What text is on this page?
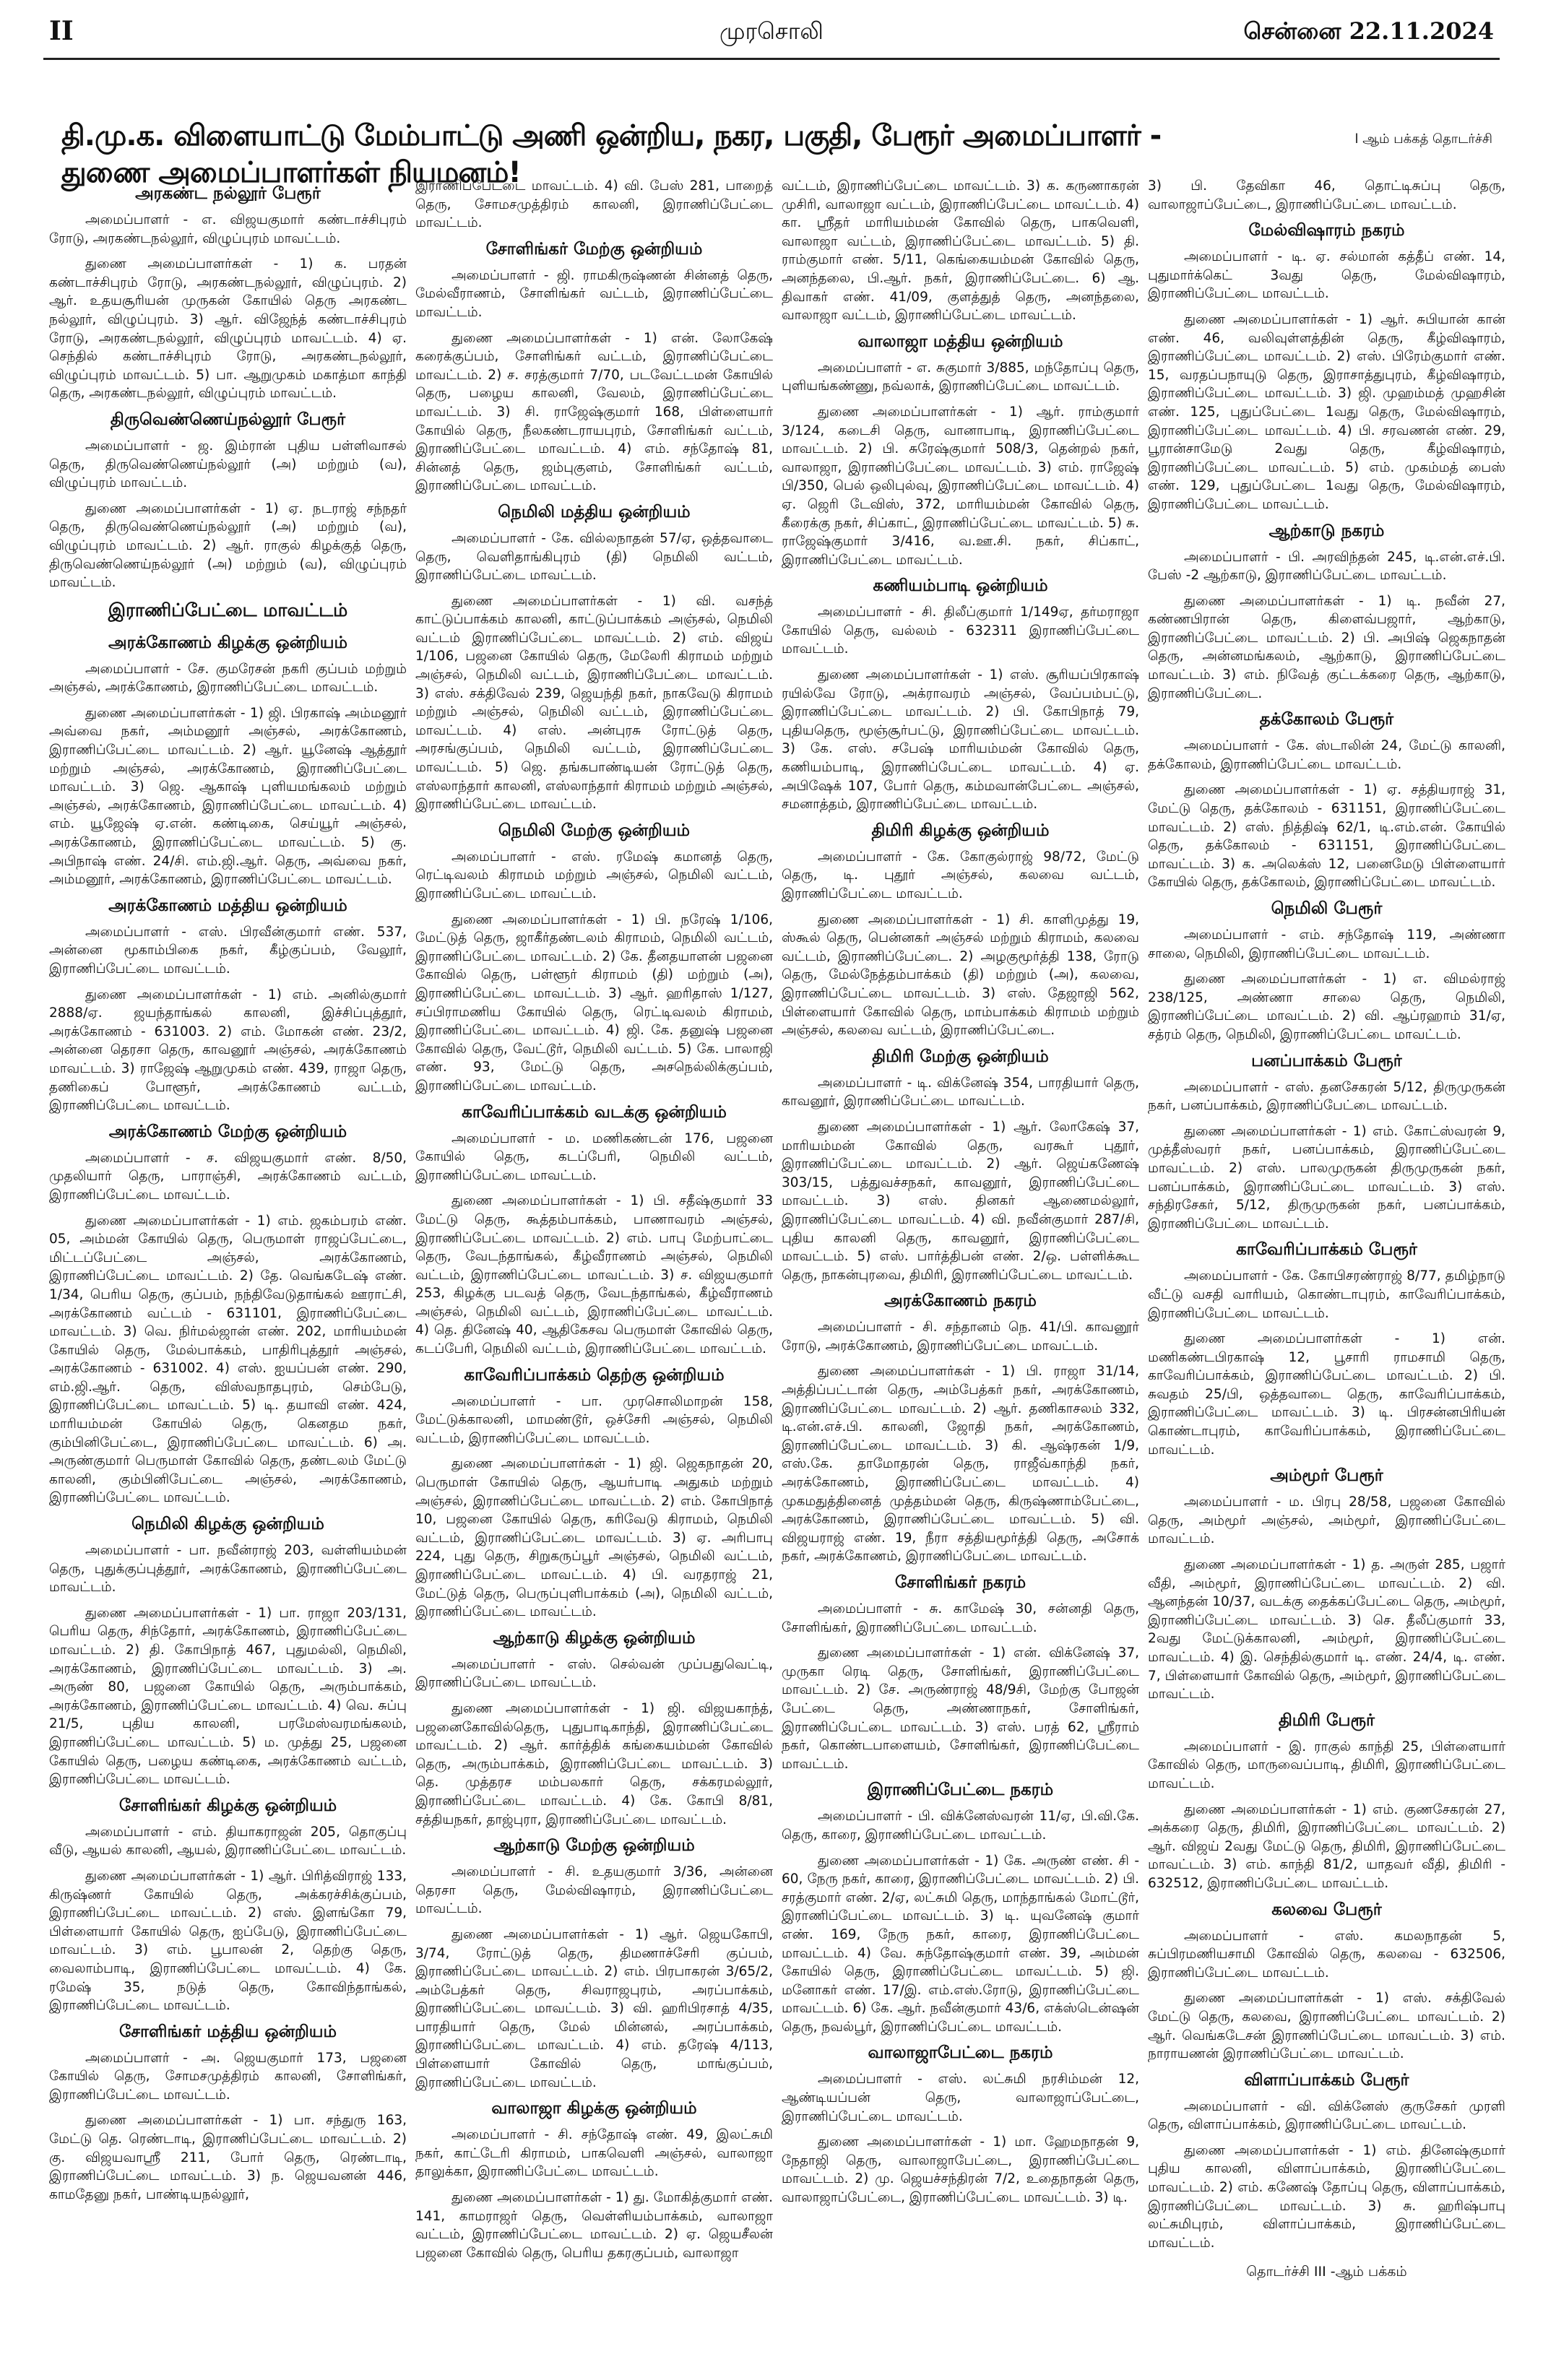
II	முரசொலி	சென்னை 22.11.2024
தி.மு.க. விளையாட்டு மேம்பாட்டு அணி ஒன்றிய, நகர, பகுதி, பேரூர் அமைப்பாளர் - துணை அமைப்பாளர்கள் நியமனம்!
l ஆம் பக்கத் தொடர்ச்சி
அரகண்ட நல்லூர் பேரூர்
அமைப்பாளர் - எ. விஜயகுமார் கண்டாச்சிபுரம் ரோடு, அரகண்டநல்லூர், விழுப்புரம் மாவட்டம்.
துணை அமைப்பாளர்கள் - 1) க. பரதன் கண்டாச்சிபுரம் ரோடு, அரகண்டநல்லூர், விழுப்புரம். 2) ஆர். உதயசூரியன் முருகன் கோயில் தெரு அரகண்ட நல்லூர், விழுப்புரம். 3) ஆர். விஜேந்த் கண்டாச்சிபுரம் ரோடு, அரகண்டநல்லூர், விழுப்புரம் மாவட்டம். 4) ஏ. செந்தில் கண்டாச்சிபுரம் ரோடு, அரகண்டநல்லூர், விழுப்புரம் மாவட்டம். 5) பா. ஆறுமுகம் மகாத்மா காந்தி தெரு, அரகண்டநல்லூர், விழுப்புரம் மாவட்டம்.
திருவெண்ணெய்நல்லூர் பேரூர்
அமைப்பாளர் - ஜ. இம்ரான் புதிய பள்ளிவாசல் தெரு, திருவெண்ணெய்நல்லூர் (அ) மற்றும் (வ), விழுப்புரம் மாவட்டம்.
துணை அமைப்பாளர்கள் - 1) ஏ. நடராஜ் சந்நதர் தெரு, திருவெண்ணெய்நல்லூர் (அ) மற்றும் (வ), விழுப்புரம் மாவட்டம். 2) ஆர். ராகுல் கிழக்குத் தெரு, திருவெண்ணெய்நல்லூர் (அ) மற்றும் (வ), விழுப்புரம் மாவட்டம்.
இராணிப்பேட்டை மாவட்டம்
அரக்கோணம் கிழக்கு ஒன்றியம்
அமைப்பாளர் - சே. குமரேசன் நகரி குப்பம் மற்றும் அஞ்சல், அரக்கோணம், இராணிப்பேட்டை மாவட்டம்.
துணை அமைப்பாளர்கள் - 1) ஜி. பிரகாஷ் அம்மனூர் அவ்வை நகர், அம்மனூர் அஞ்சல், அரக்கோணம், இராணிப்பேட்டை மாவட்டம். 2) ஆர். யூனேஷ் ஆத்தூர் மற்றும் அஞ்சல், அரக்கோணம், இராணிப்பேட்டை மாவட்டம். 3) ஜெ. ஆகாஷ் புளியமங்கலம் மற்றும் அஞ்சல், அரக்கோணம், இராணிப்பேட்டை மாவட்டம். 4) எம். யூஜேஷ் ஏ.என். கண்டிகை, செய்யூர் அஞ்சல், அரக்கோணம், இராணிப்பேட்டை மாவட்டம். 5) கு. அபிநாஷ் எண். 24/சி. எம்.ஜி.ஆர். தெரு, அவ்வை நகர், அம்மனூர், அரக்கோணம், இராணிப்பேட்டை மாவட்டம்.
அரக்கோணம் மத்திய ஒன்றியம்
அமைப்பாளர் - எஸ். பிரவீன்குமார் எண். 537, அன்னை மூகாம்பிகை நகர், கீழ்குப்பம், வேலூர், இராணிப்பேட்டை மாவட்டம்.
துணை அமைப்பாளர்கள் - 1) எம். அனில்குமார் 2888/ஏ. ஜயந்தாங்கல் காலனி, இச்சிப்புத்தூர், அரக்கோணம் - 631003. 2) எம். மோகன் எண். 23/2, அன்னை தெரசா தெரு, காவனூர் அஞ்சல், அரக்கோணம் மாவட்டம். 3) ராஜேஷ் ஆறுமுகம் எண். 439, ராஜா தெரு, தணிகைப் போளூர், அரக்கோணம் வட்டம், இராணிப்பேட்டை மாவட்டம்.
அரக்கோணம் மேற்கு ஒன்றியம்
அமைப்பாளர் - ச. விஜயகுமார் எண். 8/50, முதலியார் தெரு, பாராஞ்சி, அரக்கோணம் வட்டம், இராணிப்பேட்டை மாவட்டம்.
துணை அமைப்பாளர்கள் - 1) எம். ஜகம்பரம் எண். 05, அம்மன் கோயில் தெரு, பெருமாள் ராஜப்பேட்டை, மிட்டப்பேட்டை அஞ்சல், அரக்கோணம், இராணிப்பேட்டை மாவட்டம். 2) தே. வெங்கடேஷ் எண். 1/34, பெரிய தெரு, குப்பம், நந்திவேடுதாங்கல் ஊராட்சி, அரக்கோணம் வட்டம் - 631101, இராணிப்பேட்டை மாவட்டம். 3) வெ. நிர்மல்ஜான் எண். 202, மாரியம்மன் கோயில் தெரு, மேல்பாக்கம், பாதிரிபுத்தூர் அஞ்சல், அரக்கோணம் - 631002. 4) எஸ். ஐயப்பன் எண். 290, எம்.ஜி.ஆர். தெரு, விஸ்வநாதபுரம், செம்பேடு, இராணிப்பேட்டை மாவட்டம். 5) டி. தயாவி எண். 424, மாரியம்மன் கோயில் தெரு, கெனதம நகர், கும்பினிபேட்டை, இராணிப்பேட்டை மாவட்டம். 6) அ. அருண்குமார் பெருமாள் கோவில் தெரு, தண்டலம் மேட்டு காலனி, கும்பினிபேட்டை அஞ்சல், அரக்கோணம், இராணிப்பேட்டை மாவட்டம்.
நெமிலி கிழக்கு ஒன்றியம்
அமைப்பாளர் - பா. நவீன்ராஜ் 203, வள்ளியம்மன் தெரு, புதுக்குப்புத்தூர், அரக்கோணம், இராணிப்பேட்டை மாவட்டம்.
துணை அமைப்பாளர்கள் - 1) பா. ராஜா 203/131, பெரிய தெரு, சிந்தோர், அரக்கோணம், இராணிப்பேட்டை மாவட்டம். 2) தி. கோபிநாத் 467, புதுமல்லி, நெமிலி, அரக்கோணம், இராணிப்பேட்டை மாவட்டம். 3) அ. அருண் 80, பஜனை கோயில் தெரு, அரும்பாக்கம், அரக்கோணம், இராணிப்பேட்டை மாவட்டம். 4) வெ. சுப்பு 21/5, புதிய காலனி, பரமேஸ்வரமங்கலம், இராணிப்பேட்டை மாவட்டம். 5) ம. முத்து 25, பஜனை கோயில் தெரு, பழைய கண்டிகை, அரக்கோணம் வட்டம், இராணிப்பேட்டை மாவட்டம்.
சோளிங்கர் கிழக்கு ஒன்றியம்
அமைப்பாளர் - எம். தியாகராஜன் 205, தொகுப்பு வீடு, ஆயல் காலனி, ஆயல், இராணிப்பேட்டை மாவட்டம்.
துணை அமைப்பாளர்கள் - 1) ஆர். பிரித்விராஜ் 133, கிருஷ்ணர் கோயில் தெரு, அக்கரச்சிக்குப்பம், இராணிப்பேட்டை மாவட்டம். 2) எஸ். இளங்கோ 79, பிள்ளையார் கோயில் தெரு, ஐப்பேடு, இராணிப்பேட்டை மாவட்டம். 3) எம். பூபாலன் 2, தெற்கு தெரு, வைலாம்பாடி, இராணிப்பேட்டை மாவட்டம். 4) கே. ரமேஷ் 35, நடுத் தெரு, கோவிந்தாங்கல், இராணிப்பேட்டை மாவட்டம்.
சோளிங்கர் மத்திய ஒன்றியம்
அமைப்பாளர் - அ. ஜெயகுமார் 173, பஜனை கோயில் தெரு, சோமசமுத்திரம் காலனி, சோளிங்கர், இராணிப்பேட்டை மாவட்டம்.
துணை அமைப்பாளர்கள் - 1) பா. சந்துரு 163, மேட்டு தெ. ரெண்டாடி, இராணிப்பேட்டை மாவட்டம். 2) கு. விஜயவாஸ்ரீ 211, போர் தெரு, ரெண்டாடி, இராணிப்பேட்டை மாவட்டம். 3) ந. ஜெயவனன் 446, காமதேனு நகர், பாண்டியநல்லூர்,
இராணிப்பேட்டை மாவட்டம். 4) வி. பேஸ் 281, பாறைத் தெரு, சோமசமுத்திரம் காலனி, இராணிப்பேட்டை மாவட்டம்.
சோளிங்கர் மேற்கு ஒன்றியம்
அமைப்பாளர் - ஜி. ராமகிருஷ்ணன் சின்னத் தெரு, மேல்வீராணம், சோளிங்கர் வட்டம், இராணிப்பேட்டை மாவட்டம்.
துணை அமைப்பாளர்கள் - 1) என். லோகேஷ் கரைக்குப்பம், சோளிங்கர் வட்டம், இராணிப்பேட்டை மாவட்டம். 2) ச. சரத்குமார் 7/70, படவேட்டமன் கோயில் தெரு, பழைய காலனி, வேலம், இராணிப்பேட்டை மாவட்டம். 3) சி. ராஜேஷ்குமார் 168, பிள்ளையார் கோயில் தெரு, நீலகண்டராயபுரம், சோளிங்கர் வட்டம், இராணிப்பேட்டை மாவட்டம். 4) எம். சந்தோஷ் 81, சின்னத் தெரு, ஜம்புகுளம், சோளிங்கர் வட்டம், இராணிப்பேட்டை மாவட்டம்.
நெமிலி மத்திய ஒன்றியம்
அமைப்பாளர் - கே. வில்லநாதன் 57/ஏ, ஒத்தவாடை தெரு, வெளிதாங்கிபுரம் (தி) நெமிலி வட்டம், இராணிப்பேட்டை மாவட்டம்.
துணை அமைப்பாளர்கள் - 1) வி. வசந்த் காட்டுப்பாக்கம் காலனி, காட்டுப்பாக்கம் அஞ்சல், நெமிலி வட்டம் இராணிப்பேட்டை மாவட்டம். 2) எம். விஜய் 1/106, பஜனை கோயில் தெரு, மேலேரி கிராமம் மற்றும் அஞ்சல், நெமிலி வட்டம், இராணிப்பேட்டை மாவட்டம். 3) எஸ். சக்திவேல் 239, ஜெயந்தி நகர், நாகவேடு கிராமம் மற்றும் அஞ்சல், நெமிலி வட்டம், இராணிப்பேட்டை மாவட்டம். 4) எஸ். அன்புரசு ரோட்டுத் தெரு, அரசங்குப்பம், நெமிலி வட்டம், இராணிப்பேட்டை மாவட்டம். 5) ஜெ. தங்கபாண்டியன் ரோட்டுத் தெரு, எஸ்லாந்தார் காலனி, எஸ்லாந்தார் கிராமம் மற்றும் அஞ்சல், இராணிப்பேட்டை மாவட்டம்.
நெமிலி மேற்கு ஒன்றியம்
அமைப்பாளர் - எஸ். ரமேஷ் கமானத் தெரு, ரெட்டிவலம் கிராமம் மற்றும் அஞ்சல், நெமிலி வட்டம், இராணிப்பேட்டை மாவட்டம்.
துணை அமைப்பாளர்கள் - 1) பி. நரேஷ் 1/106, மேட்டுத் தெரு, ஜாகீர்தண்டலம் கிராமம், நெமிலி வட்டம், இராணிப்பேட்டை மாவட்டம். 2) கே. தீனதயாளன் பஜனை கோவில் தெரு, பள்ளூர் கிராமம் (தி) மற்றும் (அ), இராணிப்பேட்டை மாவட்டம். 3) ஆர். ஹரிதாஸ் 1/127, சப்பிராமணிய கோயில் தெரு, ரெட்டிவலம் கிராமம், இராணிப்பேட்டை மாவட்டம். 4) ஜி. கே. தனுஷ் பஜனை கோவில் தெரு, வேட்டூர், நெமிலி வட்டம். 5) கே. பாலாஜி எண். 93, மேட்டு தெரு, அசநெல்லிக்குப்பம், இராணிப்பேட்டை மாவட்டம்.
காவேரிப்பாக்கம் வடக்கு ஒன்றியம்
அமைப்பாளர் - ம. மணிகண்டன் 176, பஜனை கோயில் தெரு, கடப்பேரி, நெமிலி வட்டம், இராணிப்பேட்டை மாவட்டம்.
துணை அமைப்பாளர்கள் - 1) பி. சதீஷ்குமார் 33 மேட்டு தெரு, கூத்தம்பாக்கம், பாணாவரம் அஞ்சல், இராணிப்பேட்டை மாவட்டம். 2) எம். பாபு மேற்பாட்டை தெரு, வேடந்தாங்கல், கீழ்வீராணம் அஞ்சல், நெமிலி வட்டம், இராணிப்பேட்டை மாவட்டம். 3) ச. விஜயகுமார் 253, கிழக்கு படவத் தெரு, வேடந்தாங்கல், கீழ்வீராணம் அஞ்சல், நெமிலி வட்டம், இராணிப்பேட்டை மாவட்டம். 4) தெ. தினேஷ் 40, ஆதிகேசவ பெருமாள் கோவில் தெரு, கடப்பேரி, நெமிலி வட்டம், இராணிப்பேட்டை மாவட்டம்.
காவேரிப்பாக்கம் தெற்கு ஒன்றியம்
அமைப்பாளர் - பா. முரசொலிமாறன் 158, மேட்டுக்காலனி, மாமண்டூர், ஒச்சேரி அஞ்சல், நெமிலி வட்டம், இராணிப்பேட்டை மாவட்டம்.
துணை அமைப்பாளர்கள் - 1) ஜி. ஜெகநாதன் 20, பெருமாள் கோயில் தெரு, ஆயர்பாடி அதுகம் மற்றும் அஞ்சல், இராணிப்பேட்டை மாவட்டம். 2) எம். கோபிநாத் 10, பஜனை கோயில் தெரு, கரிவேடு கிராமம், நெமிலி வட்டம், இராணிப்பேட்டை மாவட்டம். 3) ஏ. அரிபாபு 224, புது தெரு, சிறுகருப்பூர் அஞ்சல், நெமிலி வட்டம், இராணிப்பேட்டை மாவட்டம். 4) பி. வரதராஜ் 21, மேட்டுத் தெரு, பெருப்புளிபாக்கம் (அ), நெமிலி வட்டம், இராணிப்பேட்டை மாவட்டம்.
ஆற்காடு கிழக்கு ஒன்றியம்
அமைப்பாளர் - எஸ். செல்வன் முப்பதுவெட்டி, இராணிப்பேட்டை மாவட்டம்.
துணை அமைப்பாளர்கள் - 1) ஜி. விஜயகாந்த், பஜனைகோவில்தெரு, புதுபாடிகாந்தி, இராணிப்பேட்டை மாவட்டம். 2) ஆர். கார்த்திக் கங்கையம்மன் கோவில் தெரு, அரும்பாக்கம், இராணிப்பேட்டை மாவட்டம். 3) தெ. முத்தரச மம்பலகார் தெரு, சக்கரமல்லூர், இராணிப்பேட்டை மாவட்டம். 4) கே. கோபி 8/81, சத்தியநகர், தாஜ்புரா, இராணிப்பேட்டை மாவட்டம்.
ஆற்காடு மேற்கு ஒன்றியம்
அமைப்பாளர் - சி. உதயகுமார் 3/36, அன்னை தெரசா தெரு, மேல்விஷாரம், இராணிப்பேட்டை மாவட்டம்.
துணை அமைப்பாளர்கள் - 1) ஆர். ஜெயகோபி, 3/74, ரோட்டுத் தெரு, திமணாச்சேரி குப்பம், இராணிப்பேட்டை மாவட்டம். 2) எம். பிரபாகரன் 3/65/2, அம்பேத்கர் தெரு, சிவராஜபுரம், அரப்பாக்கம், இராணிப்பேட்டை மாவட்டம். 3) வி. ஹரிபிரசாத் 4/35, பாரதியார் தெரு, மேல் மின்னல், அரப்பாக்கம், இராணிப்பேட்டை மாவட்டம். 4) எம். தரேஷ் 4/113, பிள்ளையார் கோவில் தெரு, மாங்குப்பம், இராணிப்பேட்டை மாவட்டம்.
வாலாஜா கிழக்கு ஒன்றியம்
அமைப்பாளர் - சி. சந்தோஷ் எண். 49, இலட்சுமி நகர், காட்டேரி கிராமம், பாகவெளி அஞ்சல், வாலாஜா தாலுக்கா, இராணிப்பேட்டை மாவட்டம்.
துணை அமைப்பாளர்கள் - 1) து. மோகித்குமார் எண். 141, காமராஜர் தெரு, வெள்ளியம்பாக்கம், வாலாஜா வட்டம், இராணிப்பேட்டை மாவட்டம். 2) ஏ. ஜெயசீலன் பஜனை கோவில் தெரு, பெரிய தகரகுப்பம், வாலாஜா
வட்டம், இராணிப்பேட்டை மாவட்டம். 3) க. கருணாகரன் முசிரி, வாலாஜா வட்டம், இராணிப்பேட்டை மாவட்டம். 4) கா. ஸ்ரீதர் மாரியம்மன் கோவில் தெரு, பாகவெளி, வாலாஜா வட்டம், இராணிப்பேட்டை மாவட்டம். 5) தி. ராம்குமார் எண். 5/11, கெங்கையம்மன் கோவில் தெரு, அனந்தலை, பி.ஆர். நகர், இராணிப்பேட்டை. 6) ஆ. திவாகர் எண். 41/09, குளத்துத் தெரு, அனந்தலை, வாலாஜா வட்டம், இராணிப்பேட்டை மாவட்டம்.
வாலாஜா மத்திய ஒன்றியம்
அமைப்பாளர் - எ. சுகுமார் 3/885, மந்தோப்பு தெரு, புளியங்கண்ணு, நவ்லாக், இராணிப்பேட்டை மாவட்டம்.
துணை அமைப்பாளர்கள் - 1) ஆர். ராம்குமார் 3/124, கடைசி தெரு, வானாபாடி, இராணிப்பேட்டை மாவட்டம். 2) பி. சுரேஷ்குமார் 508/3, தென்றல் நகர், வாலாஜா, இராணிப்பேட்டை மாவட்டம். 3) எம். ராஜேஷ் பி/350, பெல் ஒலிபுல்வு, இராணிப்பேட்டை மாவட்டம். 4) ஏ. ஜெரி டேவிஸ், 372, மாரியம்மன் கோவில் தெரு, கீரைக்கு நகர், சிப்காட், இராணிப்பேட்டை மாவட்டம். 5) சு. ராஜேஷ்குமார் 3/416, வ.ஊ.சி. நகர், சிப்காட், இராணிப்பேட்டை மாவட்டம்.
கணியம்பாடி ஒன்றியம்
அமைப்பாளர் - சி. திலீப்குமார் 1/149ஏ, தர்மராஜா கோயில் தெரு, வல்லம் - 632311 இராணிப்பேட்டை மாவட்டம்.
துணை அமைப்பாளர்கள் - 1) எஸ். சூரியப்பிரகாஷ் ரயில்வே ரோடு, அக்ராவரம் அஞ்சல், வேப்பம்பட்டு, இராணிப்பேட்டை மாவட்டம். 2) பி. கோபிநாத் 79, புதியதெரு, மூஞ்சூர்பட்டு, இராணிப்பேட்டை மாவட்டம். 3) கே. எஸ். சபேஷ் மாரியம்மன் கோவில் தெரு, கணியம்பாடி, இராணிப்பேட்டை மாவட்டம். 4) ஏ. அபிஷேக் 107, போர் தெரு, கம்மவான்பேட்டை அஞ்சல், சமனாத்தம், இராணிப்பேட்டை மாவட்டம்.
திமிரி கிழக்கு ஒன்றியம்
அமைப்பாளர் - கே. கோகுல்ராஜ் 98/72, மேட்டு தெரு, டி. புதூர் அஞ்சல், கலவை வட்டம், இராணிப்பேட்டை மாவட்டம்.
துணை அமைப்பாளர்கள் - 1) சி. காளிமுத்து 19, ஸ்கூல் தெரு, பென்னகர் அஞ்சல் மற்றும் கிராமம், கலவை வட்டம், இராணிப்பேட்டை. 2) அழகுமூர்த்தி 138, ரோடு தெரு, மேல்நேத்தம்பாக்கம் (தி) மற்றும் (அ), கலவை, இராணிப்பேட்டை மாவட்டம். 3) எஸ். தேஜாஜி 562, பிள்ளையார் கோவில் தெரு, மாம்பாக்கம் கிராமம் மற்றும் அஞ்சல், கலவை வட்டம், இராணிப்பேட்டை.
திமிரி மேற்கு ஒன்றியம்
அமைப்பாளர் - டி. விக்னேஷ் 354, பாரதியார் தெரு, காவனூர், இராணிப்பேட்டை மாவட்டம்.
துணை அமைப்பாளர்கள் - 1) ஆர். லோகேஷ் 37, மாரியம்மன் கோவில் தெரு, வரகூர் புதூர், இராணிப்பேட்டை மாவட்டம். 2) ஆர். ஜெய்கணேஷ் 303/15, பத்துவச்சநகர், காவனூர், இராணிப்பேட்டை மாவட்டம். 3) எஸ். தினகர் ஆணைமல்லூர், இராணிப்பேட்டை மாவட்டம். 4) வி. நவீன்குமார் 287/சி, புதிய காலனி தெரு, காவனூர், இராணிப்பேட்டை மாவட்டம். 5) எஸ். பார்த்திபன் எண். 2/ஒ. பள்ளிக்கூட தெரு, நாகன்புரவை, திமிரி, இராணிப்பேட்டை மாவட்டம்.
அரக்கோணம் நகரம்
அமைப்பாளர் - சி. சந்தானம் நெ. 41/பி. காவனூர் ரோடு, அரக்கோணம், இராணிப்பேட்டை மாவட்டம்.
துணை அமைப்பாளர்கள் - 1) பி. ராஜா 31/14, அத்திப்பட்டான் தெரு, அம்பேத்கர் நகர், அரக்கோணம், இராணிப்பேட்டை மாவட்டம். 2) ஆர். தணிகாசலம் 332, டி.என்.எச்.பி. காலனி, ஜோதி நகர், அரக்கோணம், இராணிப்பேட்டை மாவட்டம். 3) கி. ஆஷ்ரகன் 1/9, எஸ்.கே. தாமோதரன் தெரு, ராஜீவ்காந்தி நகர், அரக்கோணம், இராணிப்பேட்டை மாவட்டம். 4) முகமதுத்தினைத் முத்தம்மன் தெரு, கிருஷ்ணாம்பேட்டை, அரக்கோணம், இராணிப்பேட்டை மாவட்டம். 5) வி. விஜயராஜ் எண். 19, நீரா சத்தியமூர்த்தி தெரு, அசோக் நகர், அரக்கோணம், இராணிப்பேட்டை மாவட்டம்.
சோளிங்கர் நகரம்
அமைப்பாளர் - சு. காமேஷ் 30, சன்னதி தெரு, சோளிங்கர், இராணிப்பேட்டை மாவட்டம்.
துணை அமைப்பாளர்கள் - 1) என். விக்னேஷ் 37, முருகா ரெடி தெரு, சோளிங்கர், இராணிப்பேட்டை மாவட்டம். 2) சே. அருண்ராஜ் 48/9சி, மேற்கு போஜன் பேட்டை தெரு, அண்ணாநகர், சோளிங்கர், இராணிப்பேட்டை மாவட்டம். 3) எஸ். பரத் 62, ஸ்ரீராம் நகர், கொண்டபாளையம், சோளிங்கர், இராணிப்பேட்டை மாவட்டம்.
இராணிப்பேட்டை நகரம்
அமைப்பாளர் - பி. விக்னேஸ்வரன் 11/ஏ, பி.வி.கே. தெரு, காரை, இராணிப்பேட்டை மாவட்டம்.
துணை அமைப்பாளர்கள் - 1) கே. அருண் எண். சி - 60, நேரு நகர், காரை, இராணிப்பேட்டை மாவட்டம். 2) பி. சரத்குமார் எண். 2/ஏ, லட்சுமி தெரு, மாந்தாங்கல் மோட்டூர், இராணிப்பேட்டை மாவட்டம். 3) டி. யுவனேஷ் குமார் எண். 169, நேரு நகர், காரை, இராணிப்பேட்டை மாவட்டம். 4) வே. சுந்தோஷ்குமார் எண். 39, அம்மன் கோயில் தெரு, இராணிப்பேட்டை மாவட்டம். 5) ஜி. மனோகர் எண். 17/இ. எம்.எஸ்.ரோடு, இராணிப்பேட்டை மாவட்டம். 6) கே. ஆர். நவீன்குமார் 43/6, எக்ஸ்டென்ஷன் தெரு, நவல்பூர், இராணிப்பேட்டை மாவட்டம்.
வாலாஜாபேட்டை நகரம்
அமைப்பாளர் - எஸ். லட்சுமி நரசிம்மன் 12, ஆண்டியப்பன் தெரு, வாலாஜாப்பேட்டை, இராணிப்பேட்டை மாவட்டம்.
துணை அமைப்பாளர்கள் - 1) மா. ஹேமநாதன் 9, நேதாஜி தெரு, வாலாஜாபேட்டை, இராணிப்பேட்டை மாவட்டம். 2) மு. ஜெயச்சந்திரன் 7/2, உதைநாதன் தெரு, வாலாஜாப்பேட்டை, இராணிப்பேட்டை மாவட்டம். 3) டி.
3) பி. தேவிகா 46, தொட்டிசுப்பு தெரு, வாலாஜாப்பேட்டை, இராணிப்பேட்டை மாவட்டம்.
மேல்விஷாரம் நகரம்
அமைப்பாளர் - டி. ஏ. சல்மான் கத்தீப் எண். 14, புதுமார்க்கெட் 3வது தெரு, மேல்விஷாரம், இராணிப்பேட்டை மாவட்டம்.
துணை அமைப்பாளர்கள் - 1) ஆர். சுபியான் கான் எண். 46, வலிவுள்ளத்தின் தெரு, கீழ்விஷாரம், இராணிப்பேட்டை மாவட்டம். 2) எஸ். பிரேம்குமார் எண். 15, வரதப்பநாயுடு தெரு, இராசாத்துபுரம், கீழ்விஷாரம், இராணிப்பேட்டை மாவட்டம். 3) ஜி. முஹம்மத் முஹசின் எண். 125, புதுப்பேட்டை 1வது தெரு, மேல்விஷாரம், இராணிப்பேட்டை மாவட்டம். 4) பி. சரவணன் எண். 29, பூரான்சாமேடு 2வது தெரு, கீழ்விஷாரம், இராணிப்பேட்டை மாவட்டம். 5) எம். முகம்மத் பைஸ் எண். 129, புதுப்பேட்டை 1வது தெரு, மேல்விஷாரம், இராணிப்பேட்டை மாவட்டம்.
ஆற்காடு நகரம்
அமைப்பாளர் - பி. அரவிந்தன் 245, டி.என்.எச்.பி. பேஸ் -2 ஆற்காடு, இராணிப்பேட்டை மாவட்டம்.
துணை அமைப்பாளர்கள் - 1) டி. நவீன் 27, கண்ணபிரான் தெரு, கிளைவ்பஜார், ஆற்காடு, இராணிப்பேட்டை மாவட்டம். 2) பி. அபிஷ் ஜெகநாதன் தெரு, அன்னமங்கலம், ஆற்காடு, இராணிப்பேட்டை மாவட்டம். 3) எம். நிவேத் குட்டக்கரை தெரு, ஆற்காடு, இராணிப்பேட்டை.
தக்கோலம் பேரூர்
அமைப்பாளர் - கே. ஸ்டாலின் 24, மேட்டு காலனி, தக்கோலம், இராணிப்பேட்டை மாவட்டம்.
துணை அமைப்பாளர்கள் - 1) ஏ. சத்தியராஜ் 31, மேட்டு தெரு, தக்கோலம் - 631151, இராணிப்பேட்டை மாவட்டம். 2) எஸ். நித்திஷ் 62/1, டி.எம்.என். கோயில் தெரு, தக்கோலம் - 631151, இராணிப்பேட்டை மாவட்டம். 3) க. அலெக்ஸ் 12, பனைமேடு பிள்ளையார் கோயில் தெரு, தக்கோலம், இராணிப்பேட்டை மாவட்டம்.
நெமிலி பேரூர்
அமைப்பாளர் - எம். சந்தோஷ் 119, அண்ணா சாலை, நெமிலி, இராணிப்பேட்டை மாவட்டம்.
துணை அமைப்பாளர்கள் - 1) எ. விமல்ராஜ் 238/125, அண்ணா சாலை தெரு, நெமிலி, இராணிப்பேட்டை மாவட்டம். 2) வி. ஆப்ரஹாம் 31/ஏ, சத்ரம் தெரு, நெமிலி, இராணிப்பேட்டை மாவட்டம்.
பனப்பாக்கம் பேரூர்
அமைப்பாளர் - எஸ். தனசேகரன் 5/12, திருமுருகன் நகர், பனப்பாக்கம், இராணிப்பேட்டை மாவட்டம்.
துணை அமைப்பாளர்கள் - 1) எம். கோட்ஸ்வரன் 9, முத்தீஸ்வரர் நகர், பனப்பாக்கம், இராணிப்பேட்டை மாவட்டம். 2) எஸ். பாலமுருகன் திருமுருகன் நகர், பனப்பாக்கம், இராணிப்பேட்டை மாவட்டம். 3) எஸ். சந்திரசேகர், 5/12, திருமுருகன் நகர், பனப்பாக்கம், இராணிப்பேட்டை மாவட்டம்.
காவேரிப்பாக்கம் பேரூர்
அமைப்பாளர் - கே. கோபிசரண்ராஜ் 8/77, தமிழ்நாடு வீட்டு வசதி வாரியம், கொண்டாபுரம், காவேரிப்பாக்கம், இராணிப்பேட்டை மாவட்டம்.
துணை அமைப்பாளர்கள் - 1) என். மணிகண்டபிரகாஷ் 12, பூசாரி ராமசாமி தெரு, காவேரிப்பாக்கம், இராணிப்பேட்டை மாவட்டம். 2) பி. சுவதம் 25/பி, ஒத்தவாடை தெரு, காவேரிப்பாக்கம், இராணிப்பேட்டை மாவட்டம். 3) டி. பிரசன்னபிரியன் கொண்டாபுரம், காவேரிப்பாக்கம், இராணிப்பேட்டை மாவட்டம்.
அம்மூர் பேரூர்
அமைப்பாளர் - ம. பிரபு 28/58, பஜனை கோவில் தெரு, அம்மூர் அஞ்சல், அம்மூர், இராணிப்பேட்டை மாவட்டம்.
துணை அமைப்பாளர்கள் - 1) த. அருள் 285, பஜார் வீதி, அம்மூர், இராணிப்பேட்டை மாவட்டம். 2) வி. ஆனந்தன் 10/37, வடக்கு தைக்கப்பேட்டை தெரு, அம்மூர், இராணிப்பேட்டை மாவட்டம். 3) செ. தீலீப்குமார் 33, 2வது மேட்டுக்காலனி, அம்மூர், இராணிப்பேட்டை மாவட்டம். 4) இ. செந்தில்குமார் டி. எண். 24/4, டி. எண். 7, பிள்ளையார் கோவில் தெரு, அம்மூர், இராணிப்பேட்டை மாவட்டம்.
திமிரி பேரூர்
அமைப்பாளர் - இ. ராகுல் காந்தி 25, பிள்ளையார் கோவில் தெரு, மாருவைப்பாடி, திமிரி, இராணிப்பேட்டை மாவட்டம்.
துணை அமைப்பாளர்கள் - 1) எம். குணசேகரன் 27, அக்கரை தெரு, திமிரி, இராணிப்பேட்டை மாவட்டம். 2) ஆர். விஜய் 2வது மேட்டு தெரு, திமிரி, இராணிப்பேட்டை மாவட்டம். 3) எம். காந்தி 81/2, யாதவர் வீதி, திமிரி - 632512, இராணிப்பேட்டை மாவட்டம்.
கலவை பேரூர்
அமைப்பாளர் - எஸ். கமலநாதன் 5, சுப்பிரமணியசாமி கோவில் தெரு, கலவை - 632506, இராணிப்பேட்டை மாவட்டம்.
துணை அமைப்பாளர்கள் - 1) எஸ். சக்திவேல் மேட்டு தெரு, கலவை, இராணிப்பேட்டை மாவட்டம். 2) ஆர். வெங்கடேசன் இராணிப்பேட்டை மாவட்டம். 3) எம். நாராயணன் இராணிப்பேட்டை மாவட்டம்.
விளாப்பாக்கம் பேரூர்
அமைப்பாளர் - வி. விக்னேஸ் குருசேகர் முரளி தெரு, விளாப்பாக்கம், இராணிப்பேட்டை மாவட்டம்.
துணை அமைப்பாளர்கள் - 1) எம். தினேஷ்குமார் புதிய காலனி, விளாப்பாக்கம், இராணிப்பேட்டை மாவட்டம். 2) எம். கணேஷ் தோப்பு தெரு, விளாப்பாக்கம், இராணிப்பேட்டை மாவட்டம். 3) சு. ஹரிஷ்பாபு லட்சுமிபுரம், விளாப்பாக்கம், இராணிப்பேட்டை மாவட்டம்.
தொடர்ச்சி III -ஆம் பக்கம்
